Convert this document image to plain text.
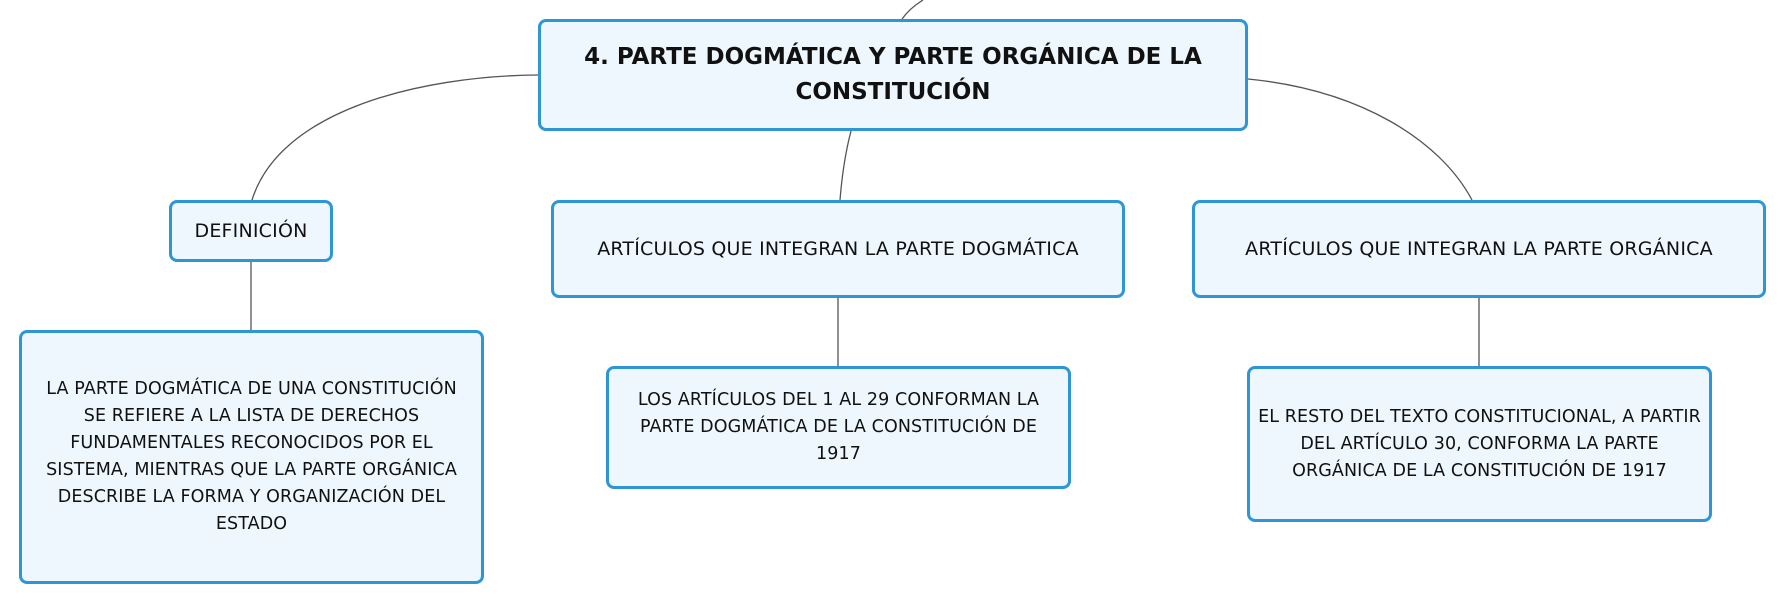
4. PARTE DOGMÁTICA Y PARTE ORGÁNICA DE LA CONSTITUCIÓN
DEFINICIÓN
ARTÍCULOS QUE INTEGRAN LA PARTE DOGMÁTICA	ARTÍCULOS QUE INTEGRAN LA PARTE ORGÁNICA
LA PARTE DOGMÁTICA DE UNA CONSTITUCIÓN SE REFIERE A LA LISTA DE DERECHOS FUNDAMENTALES RECONOCIDOS POR EL SISTEMA, MIENTRAS QUE LA PARTE ORGÁNICA DESCRIBE LA FORMA Y ORGANIZACIÓN DEL ESTADO
LOS ARTÍCULOS DEL 1 AL 29 CONFORMAN LA PARTE DOGMÁTICA DE LA CONSTITUCIÓN DE 1917
EL RESTO DEL TEXTO CONSTITUCIONAL, A PARTIR DEL ARTÍCULO 30, CONFORMA LA PARTE ORGÁNICA DE LA CONSTITUCIÓN DE 1917
